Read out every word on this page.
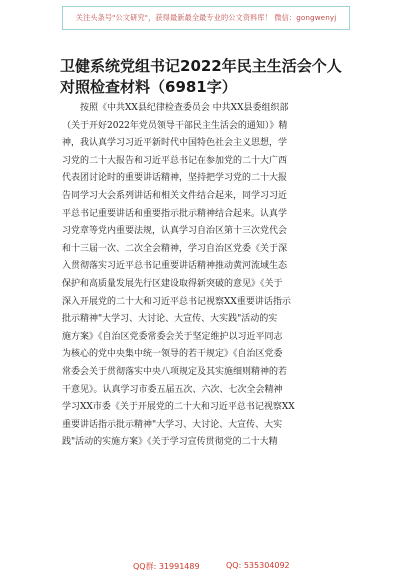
关注头条号"公文研究"，获得最新最全最专业的公文资料库！ 微信：gongwenyj
卫健系统党组书记2022年民主生活会个人
对照检查材料（6981字）
按照《中共XX县纪律检查委员会 中共XX县委组织部
（关于开好2022年党员领导干部民主生活会的通知）》精
神，我认真学习习近平新时代中国特色社会主义思想，学
习党的二十大报告和习近平总书记在参加党的二十大广西
代表团讨论时的重要讲话精神，坚持把学习党的二十大报
告同学习大会系列讲话和相关文件结合起来，同学习习近
平总书记重要讲话和重要指示批示精神结合起来。认真学
习党章等党内重要法规，认真学习自治区第十三次党代会
和十三届一次、二次全会精神，学习自治区党委《关于深
入贯彻落实习近平总书记重要讲话精神推动黄河流域生态
保护和高质量发展先行区建设取得新突破的意见》《关于
深入开展党的二十大和习近平总书记视察XX重要讲话指示
批示精神"大学习、大讨论、大宣传、大实践"活动的实
施方案》《自治区党委常委会关于坚定维护以习近平同志
为核心的党中央集中统一领导的若干规定》《自治区党委
常委会关于贯彻落实中央八项规定及其实施细则精神的若
干意见》。认真学习市委五届五次、六次、七次全会精神
学习XX市委《关于开展党的二十大和习近平总书记视察XX
重要讲话指示批示精神"大学习、大讨论、大宣传、大实
践"活动的实施方案》《关于学习宣传贯彻党的二十大精
QQ群: 31991489	QQ: 535304092
